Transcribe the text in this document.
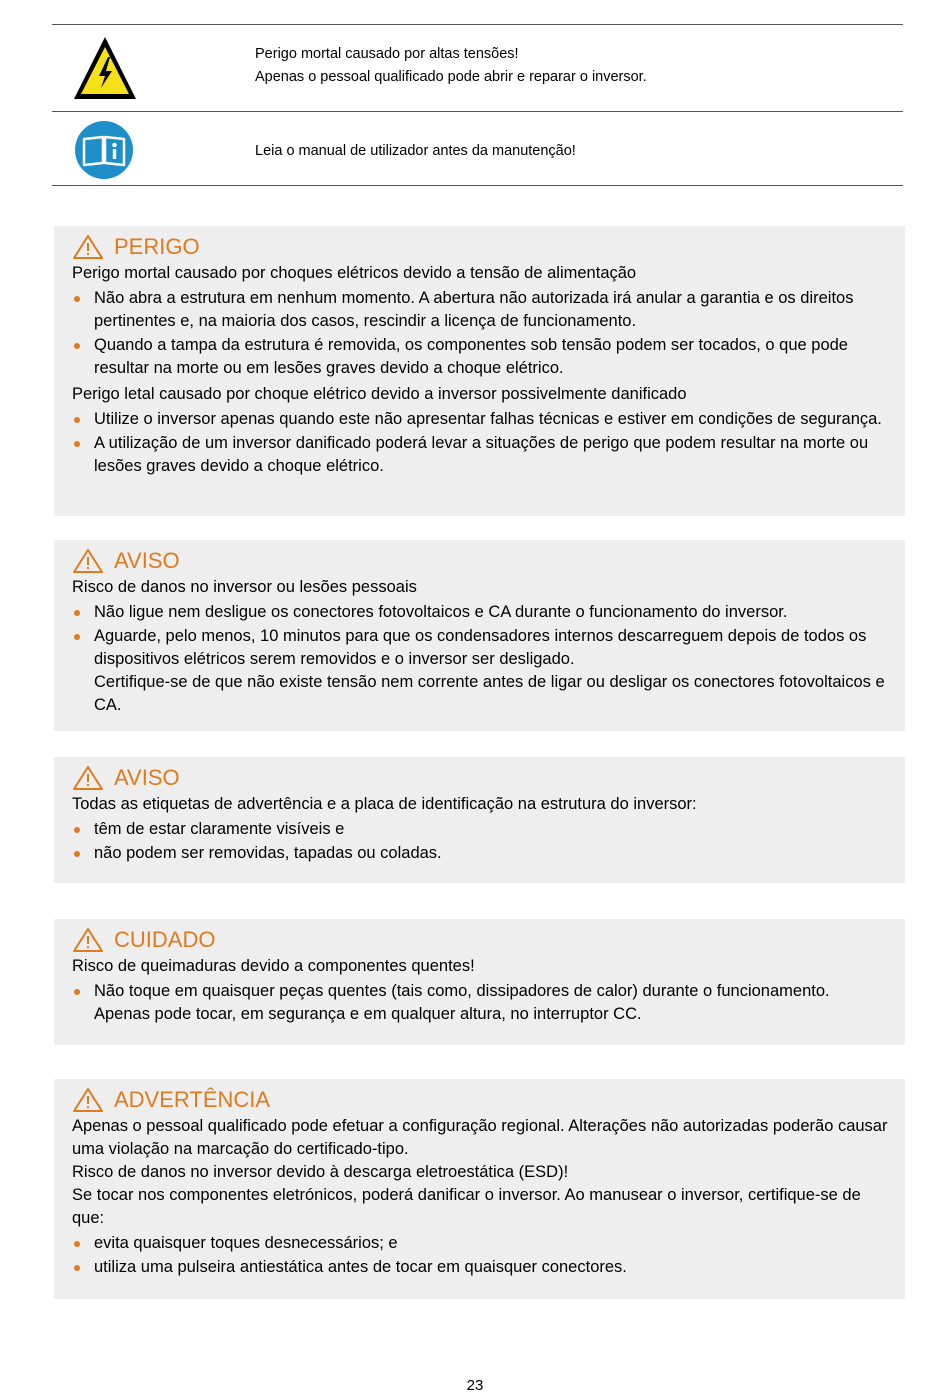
Perigo mortal causado por altas tensões!
Apenas o pessoal qualificado pode abrir e reparar o inversor.
Leia o manual de utilizador antes da manutenção!
PERIGO

Perigo mortal causado por choques elétricos devido a tensão de alimentação

Não abra a estrutura em nenhum momento. A abertura não autorizada irá anular a garantia e os direitos pertinentes e, na maioria dos casos, rescindir a licença de funcionamento.
Quando a tampa da estrutura é removida, os componentes sob tensão podem ser tocados, o que pode resultar na morte ou em lesões graves devido a choque elétrico.

Perigo letal causado por choque elétrico devido a inversor possivelmente danificado

Utilize o inversor apenas quando este não apresentar falhas técnicas e estiver em condições de segurança.
A utilização de um inversor danificado poderá levar a situações de perigo que podem resultar na morte ou lesões graves devido a choque elétrico.
AVISO

Risco de danos no inversor ou lesões pessoais

Não ligue nem desligue os conectores fotovoltaicos e CA durante o funcionamento do inversor.
Aguarde, pelo menos, 10 minutos para que os condensadores internos descarreguem depois de todos os dispositivos elétricos serem removidos e o inversor ser desligado.
Certifique-se de que não existe tensão nem corrente antes de ligar ou desligar os conectores fotovoltaicos e CA.
AVISO

Todas as etiquetas de advertência e a placa de identificação na estrutura do inversor:

têm de estar claramente visíveis e
não podem ser removidas, tapadas ou coladas.
CUIDADO

Risco de queimaduras devido a componentes quentes!

Não toque em quaisquer peças quentes (tais como, dissipadores de calor) durante o funcionamento.
Apenas pode tocar, em segurança e em qualquer altura, no interruptor CC.
ADVERTÊNCIA

Apenas o pessoal qualificado pode efetuar a configuração regional. Alterações não autorizadas poderão causar uma violação na marcação do certificado-tipo.

Risco de danos no inversor devido à descarga eletroestática (ESD)!

Se tocar nos componentes eletrónicos, poderá danificar o inversor. Ao manusear o inversor, certifique-se de que:

evita quaisquer toques desnecessários; e
utiliza uma pulseira antiestática antes de tocar em quaisquer conectores.
23
